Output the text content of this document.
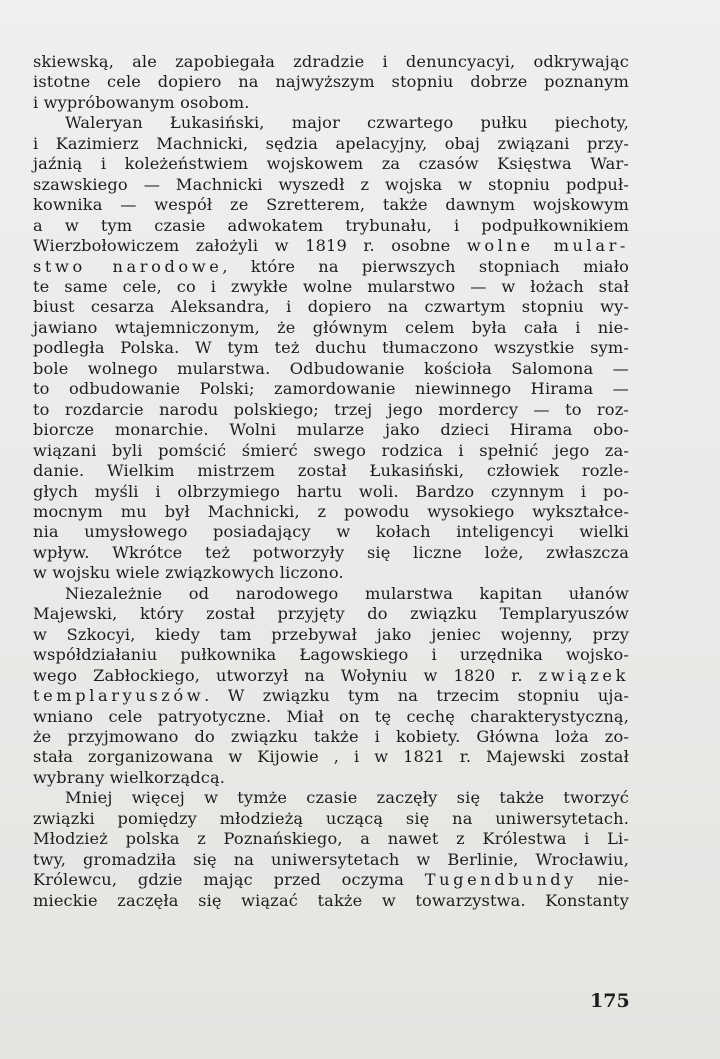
skiewską, ale zapobiegała zdradzie i denuncyacyi, odkrywając

istotne cele dopiero na najwyższym stopniu dobrze poznanym

i wypróbowanym osobom.

Waleryan Łukasiński, major czwartego pułku piechoty,

i Kazimierz Machnicki, sędzia apelacyjny, obaj związani przy-

jaźnią i koleżeństwiem wojskowem za czasów Księstwa War-

szawskiego — Machnicki wyszedł z wojska w stopniu podpuł-

kownika — wespół ze Szretterem, także dawnym wojskowym

a w tym czasie adwokatem trybunału, i podpułkownikiem

Wierzbołowiczem założyli w 1819 r. osobne wolne mular-

stwo narodowe, które na pierwszych stopniach miało

te same cele, co i zwykłe wolne mularstwo — w łożach stał

biust cesarza Aleksandra, i dopiero na czwartym stopniu wy-

jawiano wtajemniczonym, że głównym celem była cała i nie-

podległa Polska. W tym też duchu tłumaczono wszystkie sym-

bole wolnego mularstwa. Odbudowanie kościoła Salomona —

to odbudowanie Polski; zamordowanie niewinnego Hirama —

to rozdarcie narodu polskiego; trzej jego mordercy — to roz-

biorcze monarchie. Wolni mularze jako dzieci Hirama obo-

wiązani byli pomścić śmierć swego rodzica i spełnić jego za-

danie. Wielkim mistrzem został Łukasiński, człowiek rozle-

głych myśli i olbrzymiego hartu woli. Bardzo czynnym i po-

mocnym mu był Machnicki, z powodu wysokiego wykształce-

nia umysłowego posiadający w kołach inteligencyi wielki

wpływ. Wkrótce też potworzyły się liczne loże, zwłaszcza

w wojsku wiele związkowych liczono.

Niezależnie od narodowego mularstwa kapitan ułanów

Majewski, który został przyjęty do związku Templaryuszów

w Szkocyi, kiedy tam przebywał jako jeniec wojenny, przy

współdziałaniu pułkownika Łagowskiego i urzędnika wojsko-

wego Zabłockiego, utworzył na Wołyniu w 1820 r. związek

templaryuszów. W związku tym na trzecim stopniu uja-

wniano cele patryotyczne. Miał on tę cechę charakterystyczną,

że przyjmowano do związku także i kobiety. Główna loża zo-

stała zorganizowana w Kijowie , i w 1821 r. Majewski został

wybrany wielkorządcą.

Mniej więcej w tymże czasie zaczęły się także tworzyć

związki pomiędzy młodzieżą uczącą się na uniwersytetach.

Młodzież polska z Poznańskiego, a nawet z Królestwa i Li-

twy, gromadziła się na uniwersytetach w Berlinie, Wrocławiu,

Królewcu, gdzie mając przed oczyma Tugendbundy nie-

mieckie zaczęła się wiązać także w towarzystwa. Konstanty

175
